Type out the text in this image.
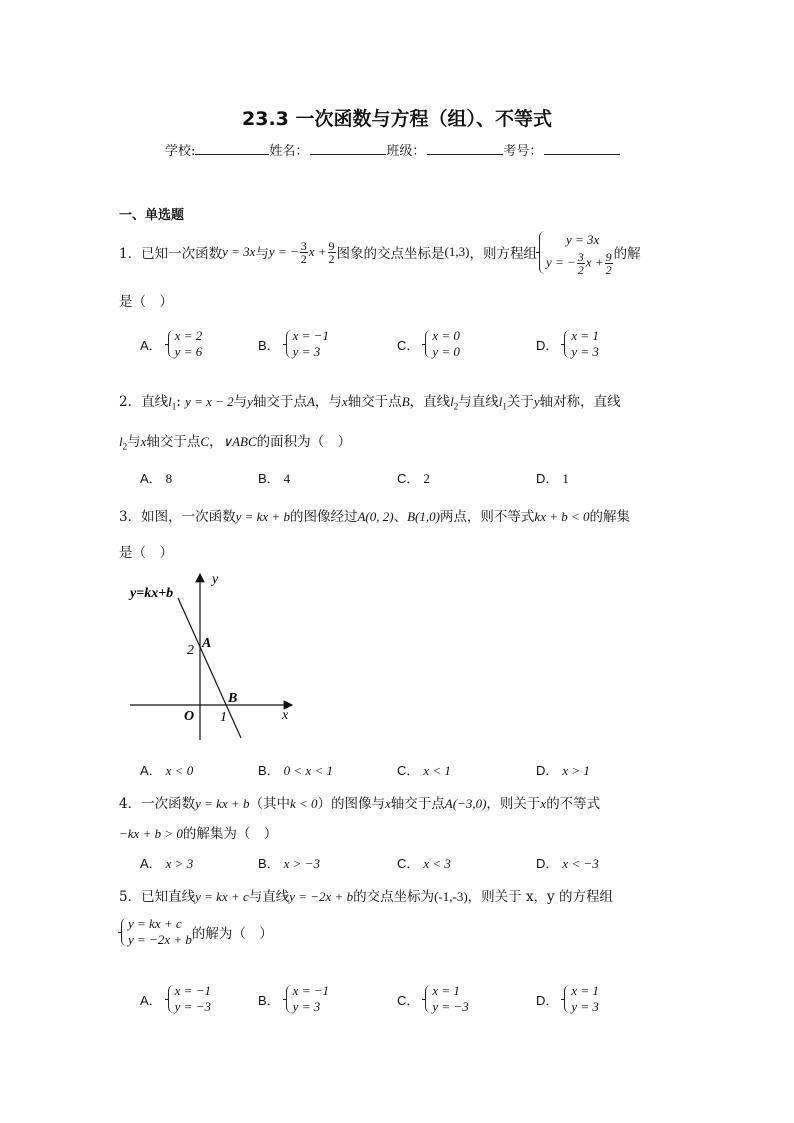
23.3 一次函数与方程（组）、不等式
学校:	姓名：	班级：	考号：
一、单选题
1． 已知一次函数 y = 3x 与 y = − $\frac{3}{2}$ $x + \frac{9}{2}$ 图象的交点坐标是 (1,3) ，则方程组
y = 3x
y = − $\frac{3}{2}$ $x + \frac{9}{2}$ 的解
是（　）
A．
x = 2
y = 6	B．
x = −1
y = 3	C．
x = 0
y = 0	D．
x = 1
y = 3
2．直线$l_1$: y = x − 2与y轴交于点A，与x轴交于点B，直线$l_2$与直线$l_1$关于y轴对称，直线
$l_2$与x轴交于点C，∨ABC的面积为（　）
A． 8	B． 4	C． 2	D． 1
3．如图，一次函数y = kx + b的图像经过A(0, 2)、B(1,0)两点，则不等式kx + b < 0的解集
是（　）
y
x
y=kx+b
A
2
B
O 1
A． x < 0	B． 0 < x < 1	C． x < 1	D． x > 1
4．一次函数y = kx + b（其中k < 0）的图像与x轴交于点A(−3,0)，则关于x的不等式
−kx + b > 0的解集为（　）
A． x > 3	B． x > −3	C． x < 3	D． x < −3
5．已知直线y = kx + c与直线y = −2x + b的交点坐标为(-1,-3)，则关于 x，y 的方程组
y = kx + c
y = −2x + b 的解为（　）
A．
x = −1
y = −3	B．
x = −1
y = 3	C．
x = 1
y = −3	D．
x = 1
y = 3
